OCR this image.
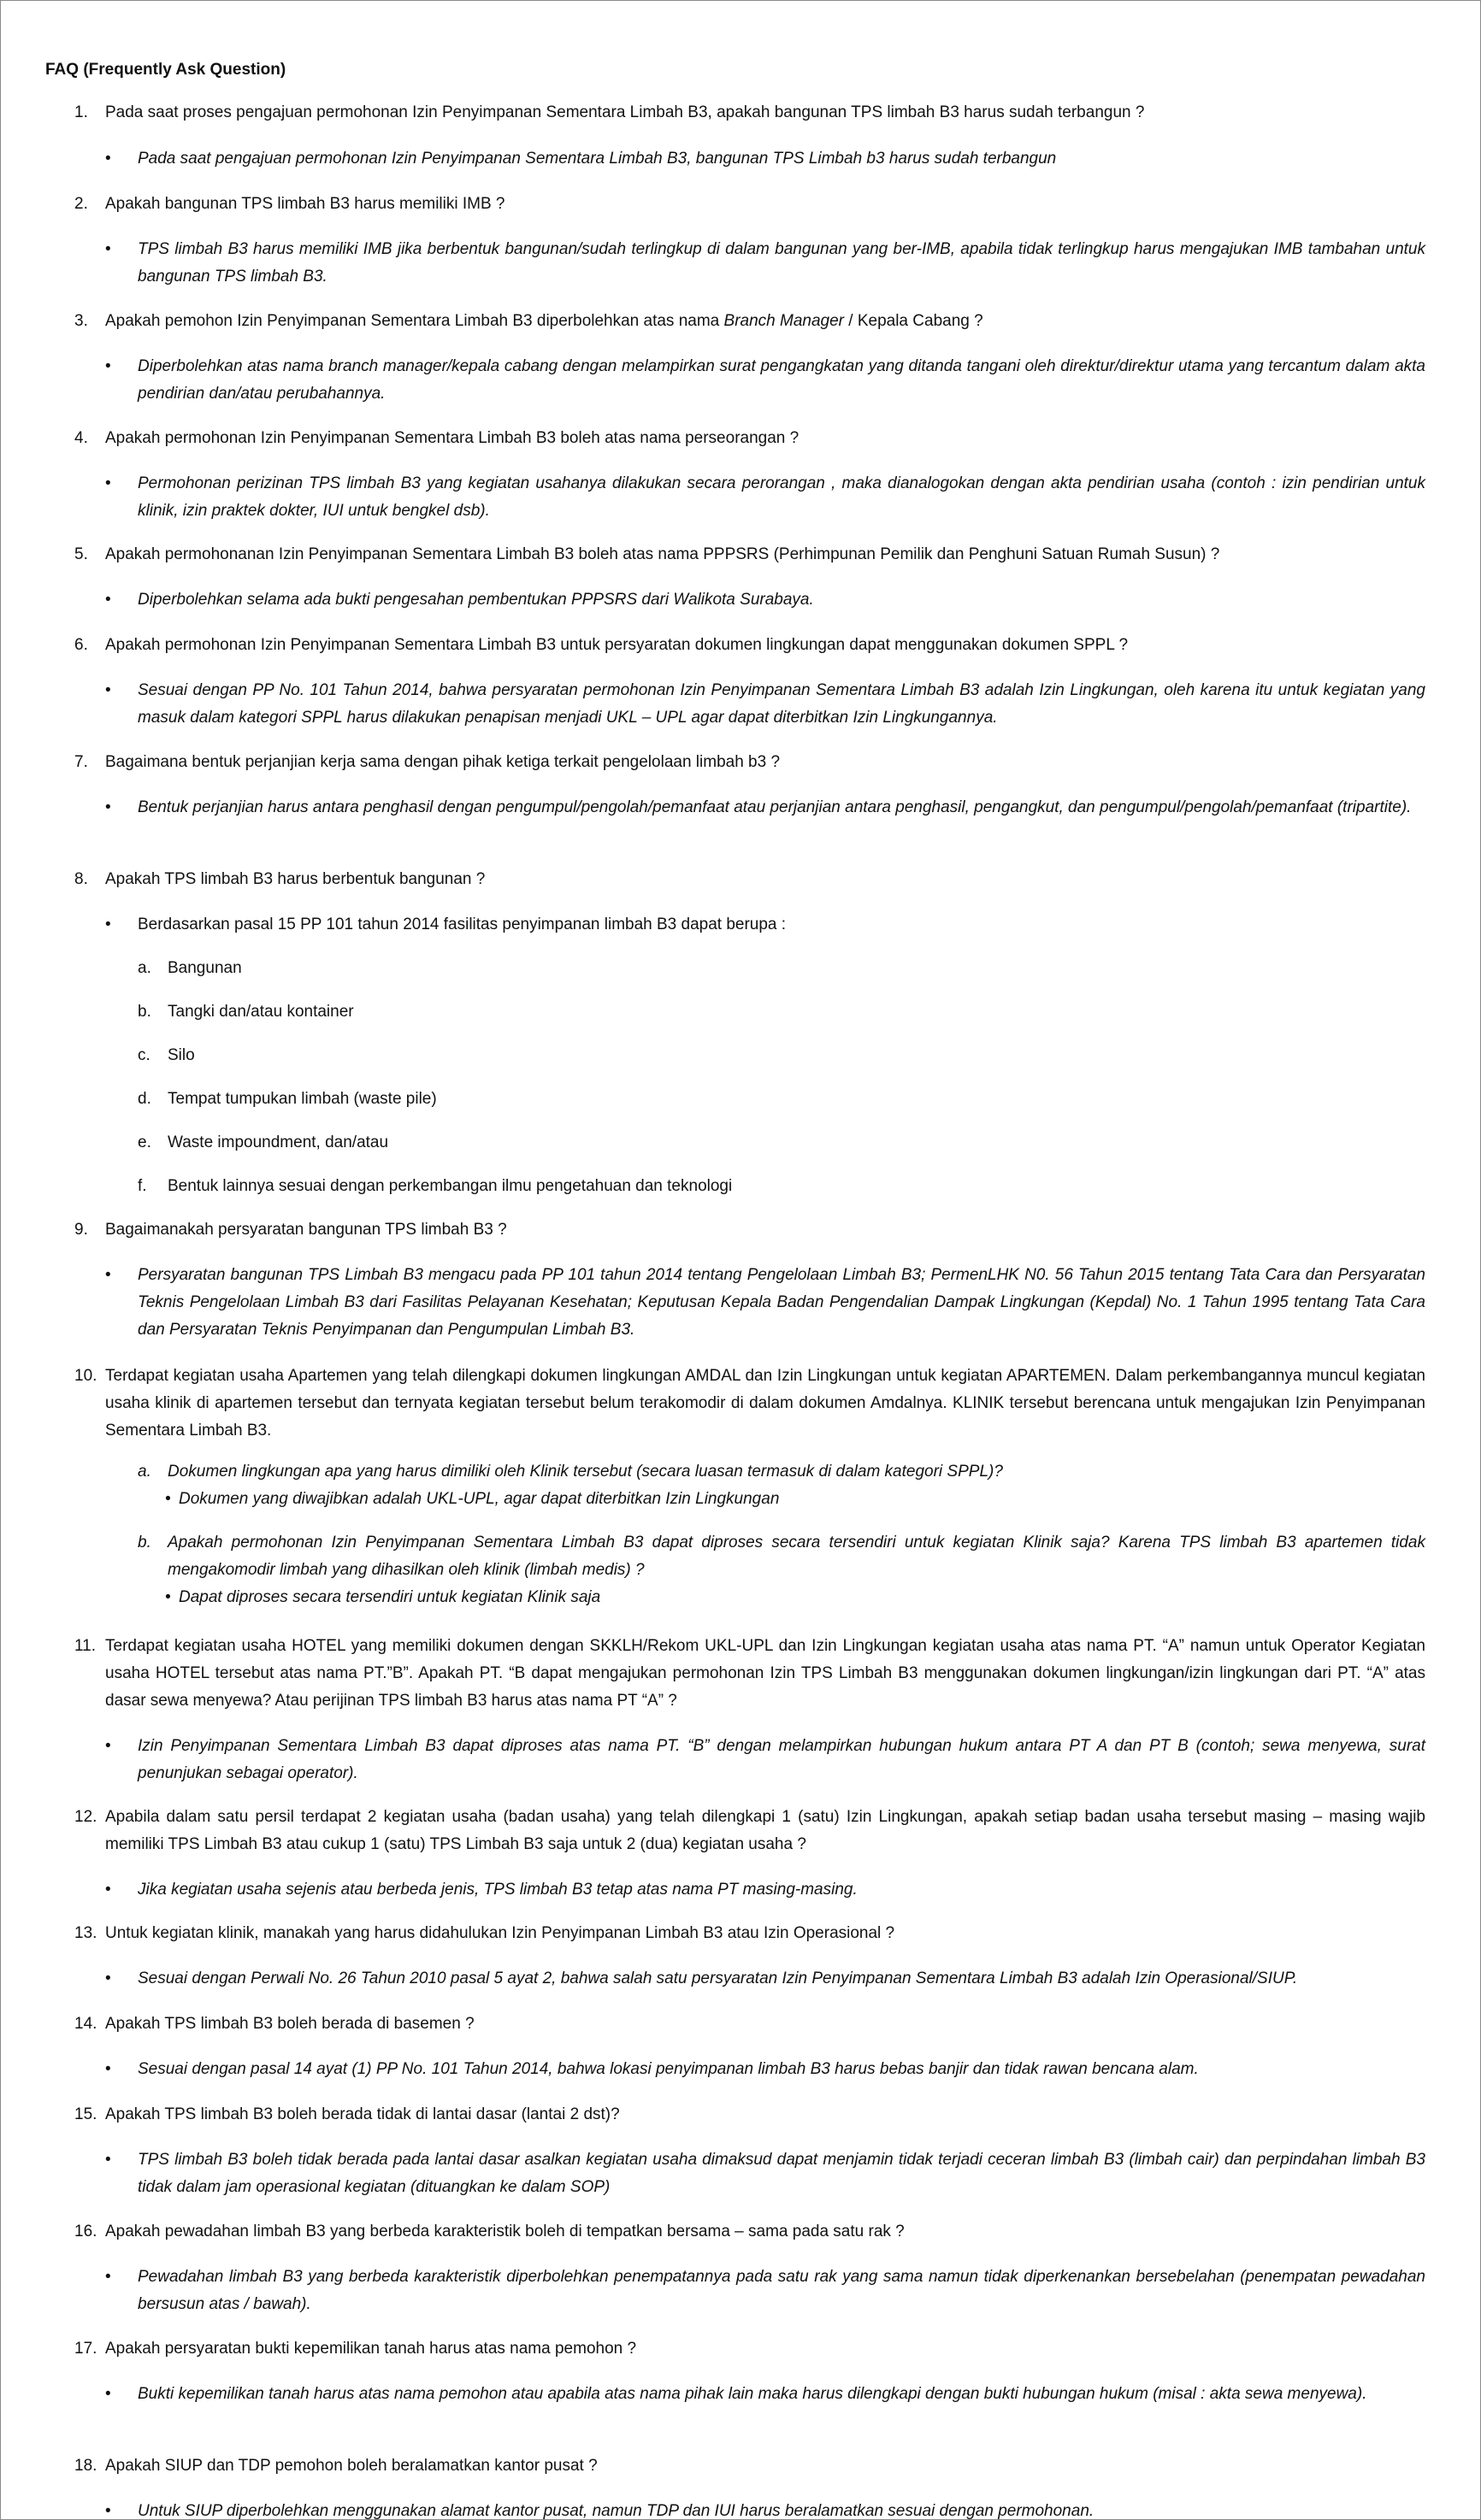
FAQ (Frequently Ask Question)
1.	Pada saat proses pengajuan permohonan Izin Penyimpanan Sementara Limbah B3, apakah bangunan TPS limbah B3 harus sudah terbangun ?
• Pada saat pengajuan permohonan Izin Penyimpanan Sementara Limbah B3, bangunan TPS Limbah b3 harus sudah terbangun
2.	Apakah bangunan TPS limbah B3 harus memiliki IMB ?
• TPS limbah B3 harus memiliki IMB jika berbentuk bangunan/sudah terlingkup di dalam bangunan yang ber-IMB, apabila tidak terlingkup harus mengajukan IMB tambahan untuk bangunan TPS limbah B3.
3.	Apakah pemohon Izin Penyimpanan Sementara Limbah B3 diperbolehkan atas nama Branch Manager / Kepala Cabang ?
• Diperbolehkan atas nama branch manager/kepala cabang dengan melampirkan surat pengangkatan yang ditanda tangani oleh direktur/direktur utama yang tercantum dalam akta pendirian dan/atau perubahannya.
4.	Apakah permohonan Izin Penyimpanan Sementara Limbah B3 boleh atas nama perseorangan ?
• Permohonan perizinan TPS limbah B3 yang kegiatan usahanya dilakukan secara perorangan , maka dianalogokan dengan akta pendirian usaha (contoh : izin pendirian untuk klinik, izin praktek dokter, IUI untuk bengkel dsb).
5.	Apakah permohonanan Izin Penyimpanan Sementara Limbah B3 boleh atas nama PPPSRS (Perhimpunan Pemilik dan Penghuni Satuan Rumah Susun) ?
• Diperbolehkan selama ada bukti pengesahan pembentukan PPPSRS dari Walikota Surabaya.
6.	Apakah permohonan Izin Penyimpanan Sementara Limbah B3 untuk persyaratan dokumen lingkungan dapat menggunakan dokumen SPPL ?
• Sesuai dengan PP No. 101 Tahun 2014, bahwa persyaratan permohonan Izin Penyimpanan Sementara Limbah B3 adalah Izin Lingkungan, oleh karena itu untuk kegiatan yang masuk dalam kategori SPPL harus dilakukan penapisan menjadi UKL – UPL agar dapat diterbitkan Izin Lingkungannya.
7.	Bagaimana bentuk perjanjian kerja sama dengan pihak ketiga terkait pengelolaan limbah b3 ?
• Bentuk perjanjian harus antara penghasil dengan pengumpul/pengolah/pemanfaat atau perjanjian antara penghasil, pengangkut, dan pengumpul/pengolah/pemanfaat (tripartite).
8.	Apakah TPS limbah B3 harus berbentuk bangunan ?
• Berdasarkan pasal 15 PP 101 tahun 2014 fasilitas penyimpanan limbah B3 dapat berupa :
a. Bangunan
b. Tangki dan/atau kontainer
c. Silo
d. Tempat tumpukan limbah (waste pile)
e. Waste impoundment, dan/atau
f. Bentuk lainnya sesuai dengan perkembangan ilmu pengetahuan dan teknologi
9.	Bagaimanakah persyaratan bangunan TPS limbah B3 ?
• Persyaratan bangunan TPS Limbah B3 mengacu pada PP 101 tahun 2014 tentang Pengelolaan Limbah B3; PermenLHK N0. 56 Tahun 2015 tentang Tata Cara dan Persyaratan Teknis Pengelolaan Limbah B3 dari Fasilitas Pelayanan Kesehatan; Keputusan Kepala Badan Pengendalian Dampak Lingkungan (Kepdal) No. 1 Tahun 1995 tentang Tata Cara dan Persyaratan Teknis Penyimpanan dan Pengumpulan Limbah B3.
10. Terdapat kegiatan usaha Apartemen yang telah dilengkapi dokumen lingkungan AMDAL dan Izin Lingkungan untuk kegiatan APARTEMEN. Dalam perkembangannya muncul kegiatan usaha klinik di apartemen tersebut dan ternyata kegiatan tersebut belum terakomodir di dalam dokumen Amdalnya. KLINIK tersebut berencana untuk mengajukan Izin Penyimpanan Sementara Limbah B3.
a. Dokumen lingkungan apa yang harus dimiliki oleh Klinik tersebut (secara luasan termasuk di dalam kategori SPPL)?
• Dokumen yang diwajibkan adalah UKL-UPL, agar dapat diterbitkan Izin Lingkungan
b. Apakah permohonan Izin Penyimpanan Sementara Limbah B3 dapat diproses secara tersendiri untuk kegiatan Klinik saja? Karena TPS limbah B3 apartemen tidak mengakomodir limbah yang dihasilkan oleh klinik (limbah medis) ?
• Dapat diproses secara tersendiri untuk kegiatan Klinik saja
11. Terdapat kegiatan usaha HOTEL yang memiliki dokumen dengan SKKLH/Rekom UKL-UPL dan Izin Lingkungan kegiatan usaha atas nama PT. “A” namun untuk Operator Kegiatan usaha HOTEL tersebut atas nama PT.”B”. Apakah PT. “B dapat mengajukan permohonan Izin TPS Limbah B3 menggunakan dokumen lingkungan/izin lingkungan dari PT. “A” atas dasar sewa menyewa? Atau perijinan TPS limbah B3 harus atas nama PT “A” ?
• Izin Penyimpanan Sementara Limbah B3 dapat diproses atas nama PT. “B” dengan melampirkan hubungan hukum antara PT A dan PT B (contoh; sewa menyewa, surat penunjukan sebagai operator).
12. Apabila dalam satu persil terdapat 2 kegiatan usaha (badan usaha) yang telah dilengkapi 1 (satu) Izin Lingkungan, apakah setiap badan usaha tersebut masing – masing wajib memiliki TPS Limbah B3 atau cukup 1 (satu) TPS Limbah B3 saja untuk 2 (dua) kegiatan usaha ?
• Jika kegiatan usaha sejenis atau berbeda jenis, TPS limbah B3 tetap atas nama PT masing-masing.
13. Untuk kegiatan klinik, manakah yang harus didahulukan Izin Penyimpanan Limbah B3 atau Izin Operasional ?
• Sesuai dengan Perwali No. 26 Tahun 2010 pasal 5 ayat 2, bahwa salah satu persyaratan Izin Penyimpanan Sementara Limbah B3 adalah Izin Operasional/SIUP.
14. Apakah TPS limbah B3 boleh berada di basemen ?
• Sesuai dengan pasal 14 ayat (1) PP No. 101 Tahun 2014, bahwa lokasi penyimpanan limbah B3 harus bebas banjir dan tidak rawan bencana alam.
15. Apakah TPS limbah B3 boleh berada tidak di lantai dasar (lantai 2 dst)?
• TPS limbah B3 boleh tidak berada pada lantai dasar asalkan kegiatan usaha dimaksud dapat menjamin tidak terjadi ceceran limbah B3 (limbah cair) dan perpindahan limbah B3 tidak dalam jam operasional kegiatan (dituangkan ke dalam SOP)
16. Apakah pewadahan limbah B3 yang berbeda karakteristik boleh di tempatkan bersama – sama pada satu rak ?
• Pewadahan limbah B3 yang berbeda karakteristik diperbolehkan penempatannya pada satu rak yang sama namun tidak diperkenankan bersebelahan (penempatan pewadahan bersusun atas / bawah).
17. Apakah persyaratan bukti kepemilikan tanah harus atas nama pemohon ?
• Bukti kepemilikan tanah harus atas nama pemohon atau apabila atas nama pihak lain maka harus dilengkapi dengan bukti hubungan hukum (misal : akta sewa menyewa).
18. Apakah SIUP dan TDP pemohon boleh beralamatkan kantor pusat ?
• Untuk SIUP diperbolehkan menggunakan alamat kantor pusat, namun TDP dan IUI harus beralamatkan sesuai dengan permohonan.
